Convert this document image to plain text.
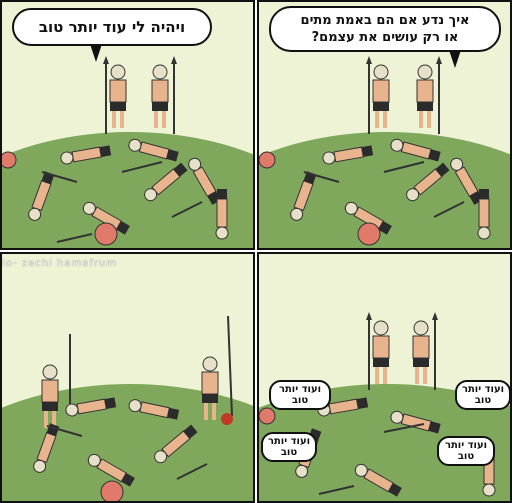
ויהיה לי עוד יותר טוב	איך נדע אם הם באמת מתים
או רק עושים את עצמם?
lo- zachi hamafrum
ועוד יותר
טוב
ועוד יותר
טוב
ועוד יותר
טוב
ועוד יותר
טוב
